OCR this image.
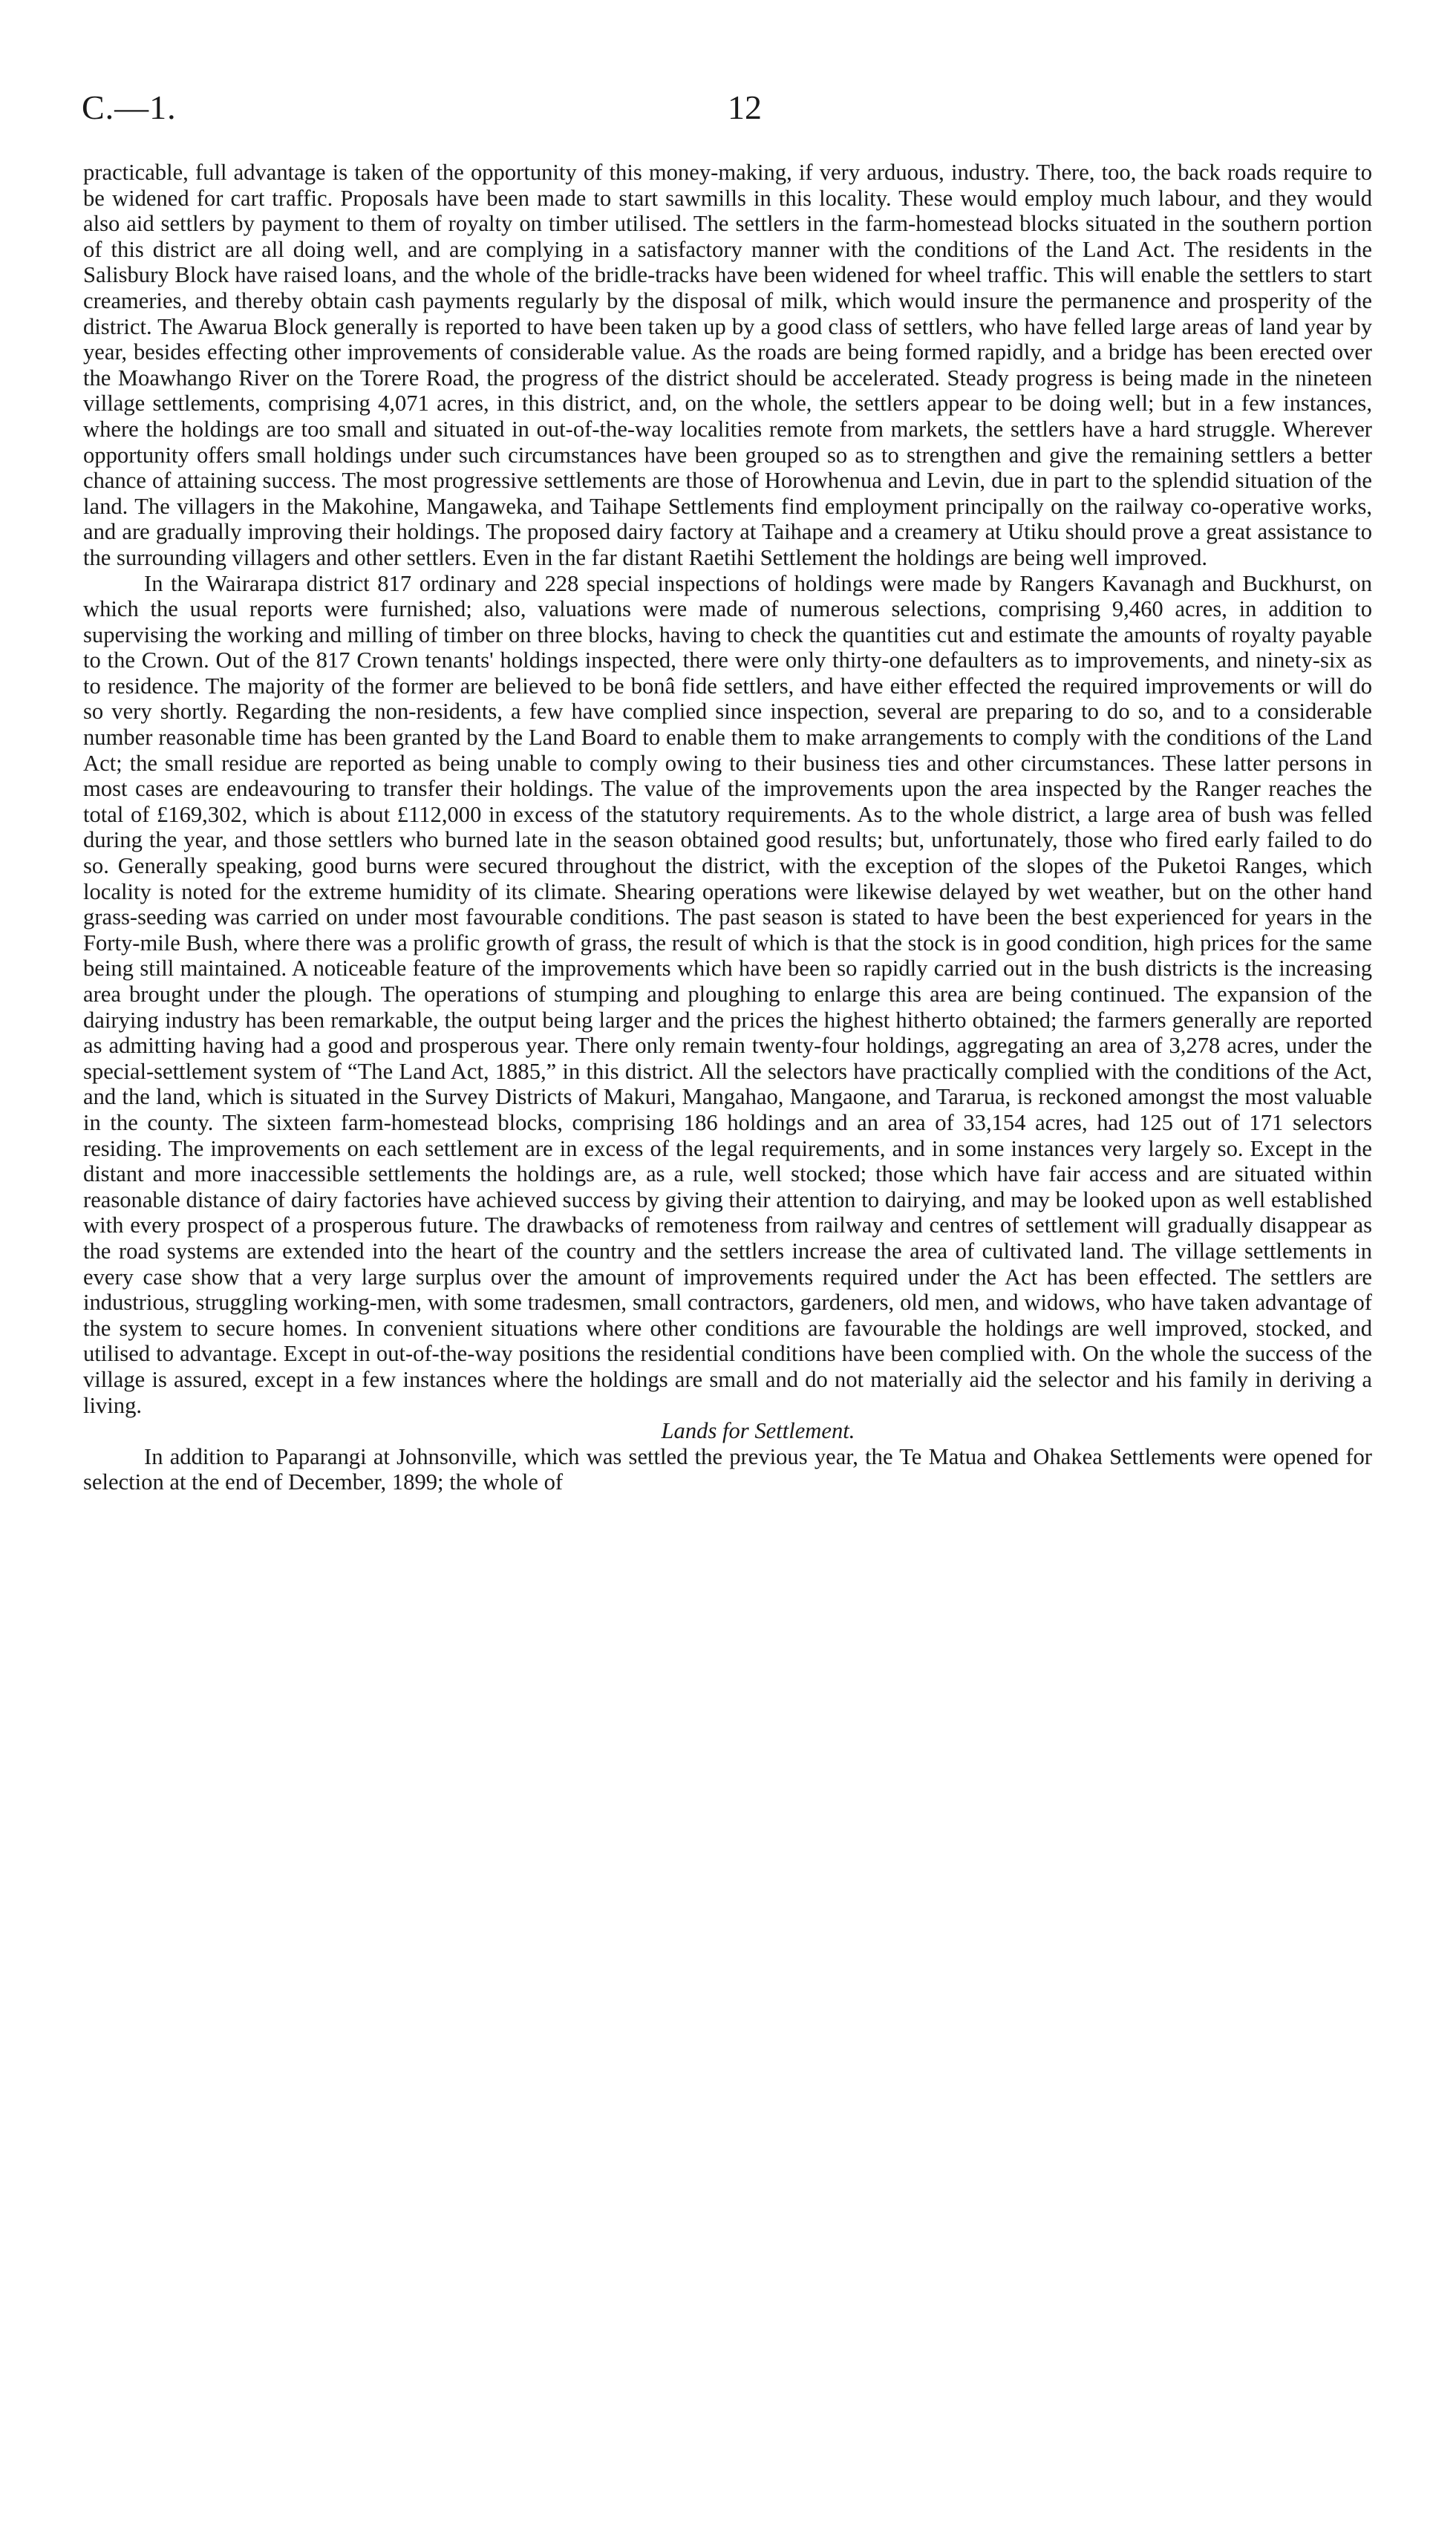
C.—1.	12

practicable, full advantage is taken of the opportunity of this money-making, if very arduous, industry. There, too, the back roads require to be widened for cart traffic. Proposals have been made to start sawmills in this locality. These would employ much labour, and they would also aid settlers by payment to them of royalty on timber utilised. The settlers in the farm-homestead blocks situated in the southern portion of this district are all doing well, and are complying in a satisfactory manner with the conditions of the Land Act. The residents in the Salisbury Block have raised loans, and the whole of the bridle-tracks have been widened for wheel traffic. This will enable the settlers to start creameries, and thereby obtain cash payments regularly by the disposal of milk, which would insure the permanence and prosperity of the district. The Awarua Block generally is reported to have been taken up by a good class of settlers, who have felled large areas of land year by year, besides effecting other improvements of considerable value. As the roads are being formed rapidly, and a bridge has been erected over the Moawhango River on the Torere Road, the progress of the district should be accelerated. Steady progress is being made in the nineteen village settlements, comprising 4,071 acres, in this district, and, on the whole, the settlers appear to be doing well; but in a few instances, where the holdings are too small and situated in out-of-the-way localities remote from markets, the settlers have a hard struggle. Wherever opportunity offers small holdings under such circumstances have been grouped so as to strengthen and give the remaining settlers a better chance of attaining success. The most progressive settlements are those of Horowhenua and Levin, due in part to the splendid situation of the land. The villagers in the Makohine, Mangaweka, and Taihape Settlements find employment principally on the railway co-operative works, and are gradually improving their holdings. The proposed dairy factory at Taihape and a creamery at Utiku should prove a great assistance to the surrounding villagers and other settlers. Even in the far distant Raetihi Settlement the holdings are being well improved.

In the Wairarapa district 817 ordinary and 228 special inspections of holdings were made by Rangers Kavanagh and Buckhurst, on which the usual reports were furnished; also, valuations were made of numerous selections, comprising 9,460 acres, in addition to supervising the working and milling of timber on three blocks, having to check the quantities cut and estimate the amounts of royalty payable to the Crown. Out of the 817 Crown tenants' holdings inspected, there were only thirty-one defaulters as to improvements, and ninety-six as to residence. The majority of the former are believed to be bonâ fide settlers, and have either effected the required improvements or will do so very shortly. Regarding the non-residents, a few have complied since inspection, several are preparing to do so, and to a considerable number reasonable time has been granted by the Land Board to enable them to make arrangements to comply with the conditions of the Land Act; the small residue are reported as being unable to comply owing to their business ties and other circumstances. These latter persons in most cases are endeavouring to transfer their holdings. The value of the improvements upon the area inspected by the Ranger reaches the total of £169,302, which is about £112,000 in excess of the statutory requirements. As to the whole district, a large area of bush was felled during the year, and those settlers who burned late in the season obtained good results; but, unfortunately, those who fired early failed to do so. Generally speaking, good burns were secured throughout the district, with the exception of the slopes of the Puketoi Ranges, which locality is noted for the extreme humidity of its climate. Shearing operations were likewise delayed by wet weather, but on the other hand grass-seeding was carried on under most favourable conditions. The past season is stated to have been the best experienced for years in the Forty-mile Bush, where there was a prolific growth of grass, the result of which is that the stock is in good condition, high prices for the same being still maintained. A noticeable feature of the improvements which have been so rapidly carried out in the bush districts is the increasing area brought under the plough. The operations of stumping and ploughing to enlarge this area are being continued. The expansion of the dairying industry has been remarkable, the output being larger and the prices the highest hitherto obtained; the farmers generally are reported as admitting having had a good and prosperous year. There only remain twenty-four holdings, aggregating an area of 3,278 acres, under the special-settlement system of “The Land Act, 1885,” in this district. All the selectors have practically complied with the conditions of the Act, and the land, which is situated in the Survey Districts of Makuri, Mangahao, Mangaone, and Tararua, is reckoned amongst the most valuable in the county. The sixteen farm-homestead blocks, comprising 186 holdings and an area of 33,154 acres, had 125 out of 171 selectors residing. The improvements on each settlement are in excess of the legal requirements, and in some instances very largely so. Except in the distant and more inaccessible settlements the holdings are, as a rule, well stocked; those which have fair access and are situated within reasonable distance of dairy factories have achieved success by giving their attention to dairying, and may be looked upon as well established with every prospect of a prosperous future. The drawbacks of remoteness from railway and centres of settlement will gradually disappear as the road systems are extended into the heart of the country and the settlers increase the area of cultivated land. The village settlements in every case show that a very large surplus over the amount of improvements required under the Act has been effected. The settlers are industrious, struggling working-men, with some tradesmen, small contractors, gardeners, old men, and widows, who have taken advantage of the system to secure homes. In convenient situations where other conditions are favourable the holdings are well improved, stocked, and utilised to advantage. Except in out-of-the-way positions the residential conditions have been complied with. On the whole the success of the village is assured, except in a few instances where the holdings are small and do not materially aid the selector and his family in deriving a living.

Lands for Settlement.

In addition to Paparangi at Johnsonville, which was settled the previous year, the Te Matua and Ohakea Settlements were opened for selection at the end of December, 1899; the whole of
